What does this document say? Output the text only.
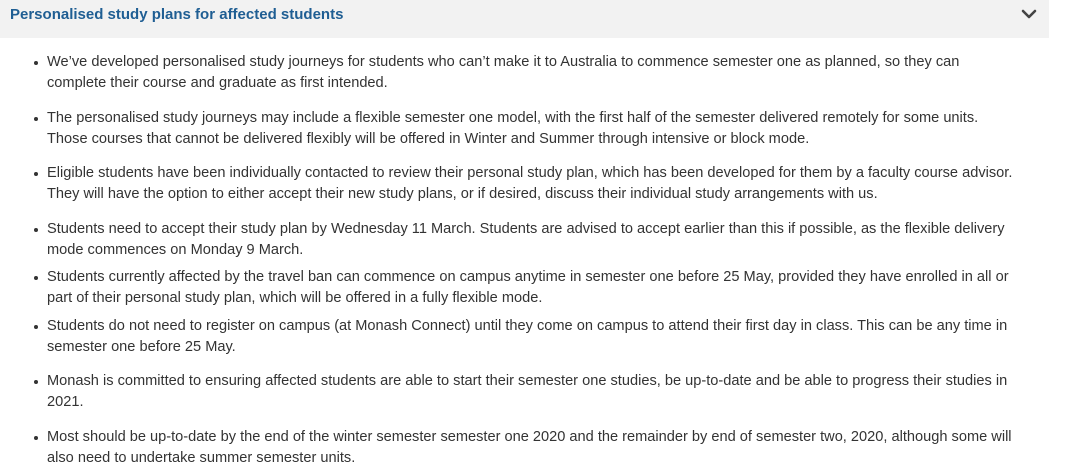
Personalised study plans for affected students
We’ve developed personalised study journeys for students who can’t make it to Australia to commence semester one as planned, so they can
complete their course and graduate as first intended.
The personalised study journeys may include a flexible semester one model, with the first half of the semester delivered remotely for some units.
Those courses that cannot be delivered flexibly will be offered in Winter and Summer through intensive or block mode.
Eligible students have been individually contacted to review their personal study plan, which has been developed for them by a faculty course advisor.
They will have the option to either accept their new study plans, or if desired, discuss their individual study arrangements with us.
Students need to accept their study plan by Wednesday 11 March. Students are advised to accept earlier than this if possible, as the flexible delivery
mode commences on Monday 9 March.
Students currently affected by the travel ban can commence on campus anytime in semester one before 25 May, provided they have enrolled in all or
part of their personal study plan, which will be offered in a fully flexible mode.
Students do not need to register on campus (at Monash Connect) until they come on campus to attend their first day in class. This can be any time in
semester one before 25 May.
Monash is committed to ensuring affected students are able to start their semester one studies, be up-to-date and be able to progress their studies in
2021.
Most should be up-to-date by the end of the winter semester semester one 2020 and the remainder by end of semester two, 2020, although some will
also need to undertake summer semester units.
